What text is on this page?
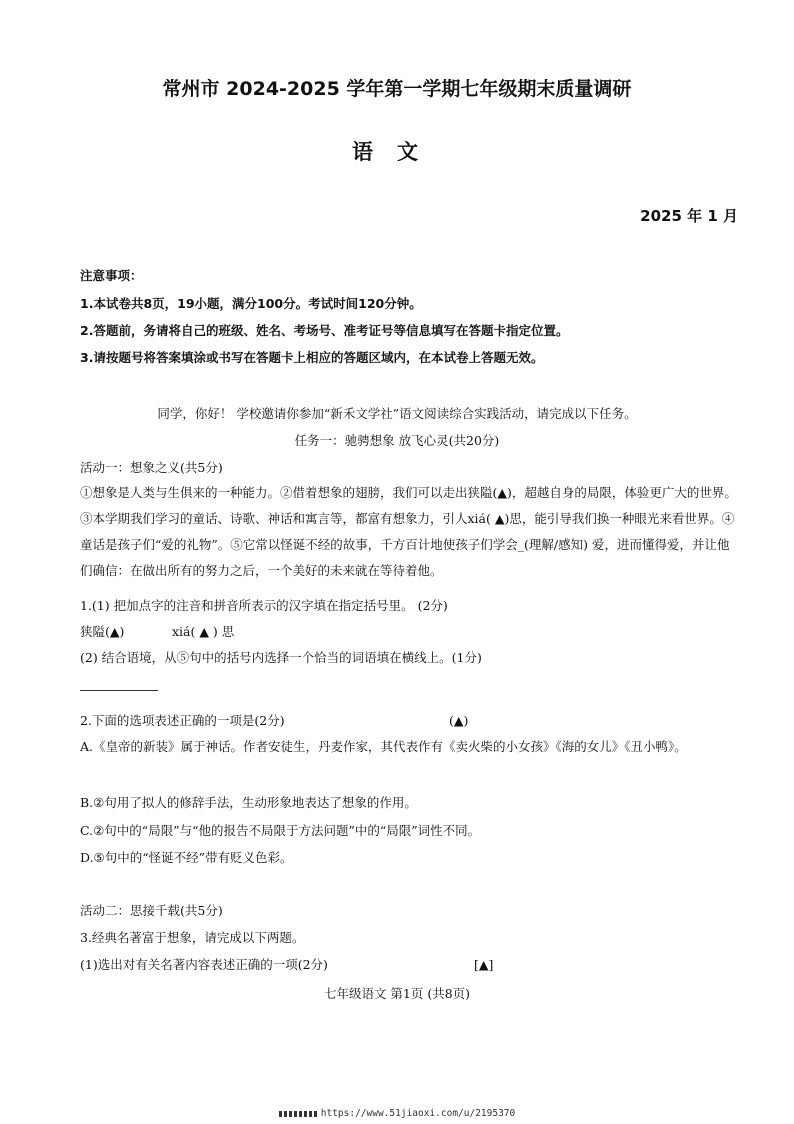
常州市 2024-2025 学年第一学期七年级期末质量调研
语文
2025 年 1 月
注意事项：
1.本试卷共8页，19小题，满分100分。考试时间120分钟。
2.答题前，务请将自己的班级、姓名、考场号、准考证号等信息填写在答题卡指定位置。
3.请按题号将答案填涂或书写在答题卡上相应的答题区域内，在本试卷上答题无效。
同学，你好！ 学校邀请你参加“新禾文学社”语文阅读综合实践活动，请完成以下任务。
任务一：驰骋想象 放飞心灵(共20分)
活动一：想象之义(共5分)
①想象是人类与生俱来的一种能力。②借着想象的翅膀，我们可以走出狭隘(▲)，超越自身的局限，体验更广大的世界。③本学期我们学习的童话、诗歌、神话和寓言等，都富有想象力，引人xiá( ▲)思，能引导我们换一种眼光来看世界。④童话是孩子们“爱的礼物”。⑤它常以怪诞不经的故事，千方百计地使孩子们学会_(理解/感知) 爱，进而懂得爱，并让他们确信：在做出所有的努力之后，一个美好的未来就在等待着他。
1.(1) 把加点字的注音和拼音所表示的汉字填在指定括号里。 (2分)
狭隘(▲)	xiá( ▲ ) 思
(2) 结合语境，从⑤句中的括号内选择一个恰当的词语填在横线上。(1分)
2.下面的选项表述正确的一项是(2分)	(▲)
A.《皇帝的新装》属于神话。作者安徒生，丹麦作家，其代表作有《卖火柴的小女孩》《海的女儿》《丑小鸭》。
B.②句用了拟人的修辞手法，生动形象地表达了想象的作用。
C.②句中的“局限”与“他的报告不局限于方法问题”中的“局限”词性不同。
D.⑤句中的“怪诞不经”带有贬义色彩。
活动二：思接千载(共5分)
3.经典名著富于想象，请完成以下两题。
(1)选出对有关名著内容表述正确的一项(2分)	[▲]
七年级语文 第1页 (共8页)
https://www.51jiaoxi.com/u/2195370
